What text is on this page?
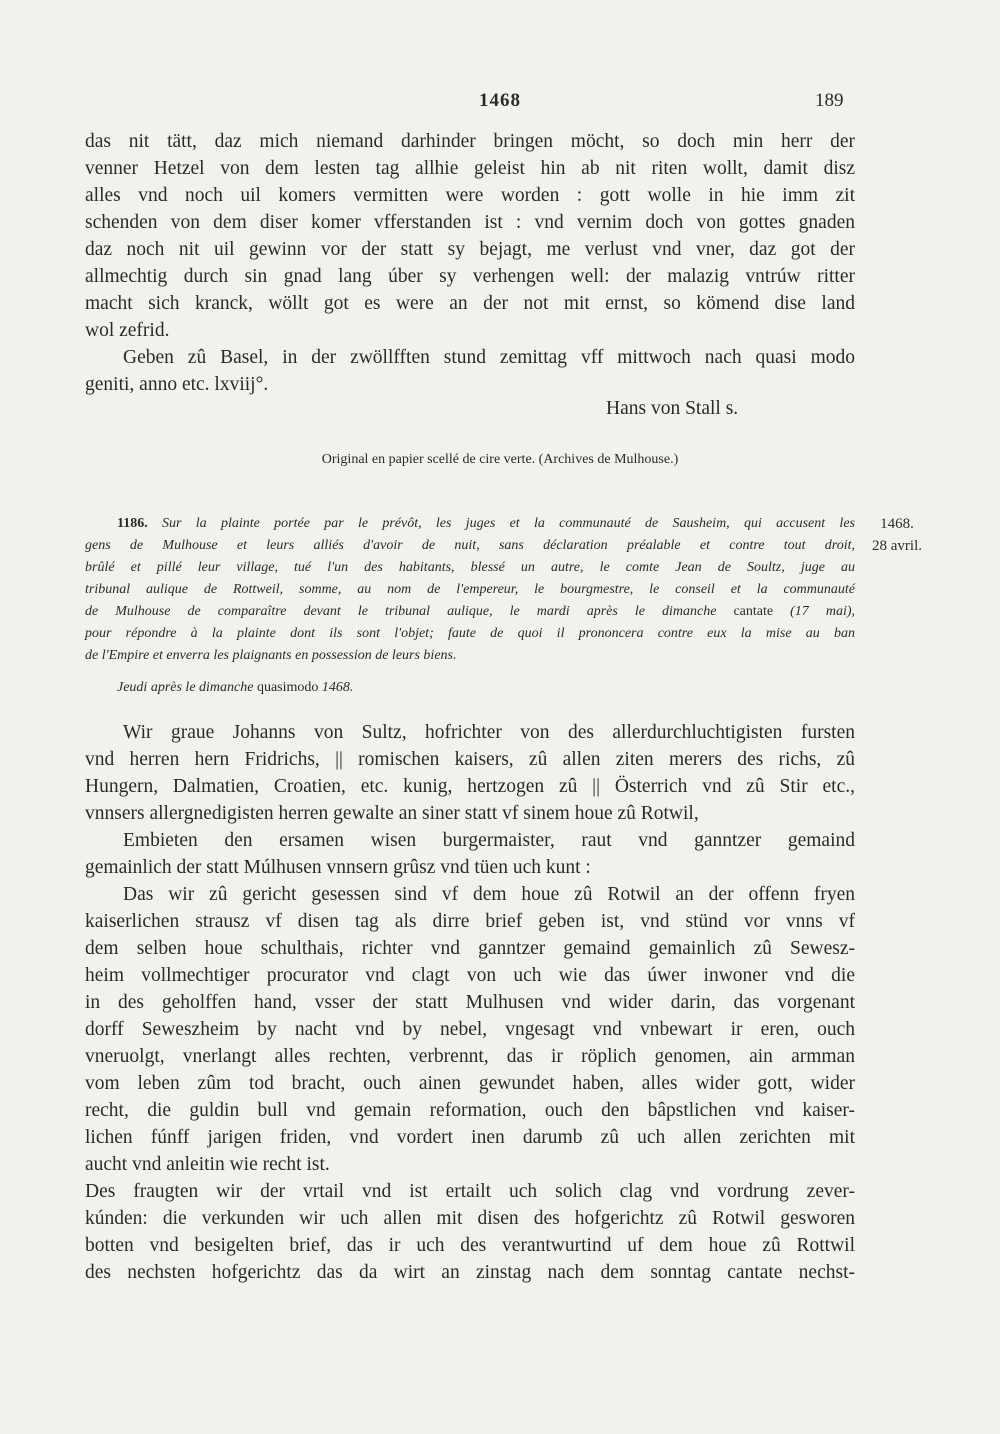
1468	189
das nit tätt, daz mich niemand darhinder bringen möcht, so doch min herr der
venner Hetzel von dem lesten tag allhie geleist hin ab nit riten wollt, damit disz
alles vnd noch uil komers vermitten were worden : gott wolle in hie imm zit
schenden von dem diser komer vfferstanden ist : vnd vernim doch von gottes gnaden
daz noch nit uil gewinn vor der statt sy bejagt, me verlust vnd vner, daz got der
allmechtig durch sin gnad lang úber sy verhengen well: der malazig vntrúw ritter
macht sich kranck, wöllt got es were an der not mit ernst, so kömend dise land
wol zefrid.
Geben zû Basel, in der zwöllfften stund zemittag vff mittwoch nach quasi modo
geniti, anno etc. lxviij°.
Hans von Stall s.
Original en papier scellé de cire verte. (Archives de Mulhouse.)
1186. Sur la plainte portée par le prévôt, les juges et la communauté de Sausheim, qui accusent les
gens de Mulhouse et leurs alliés d'avoir de nuit, sans déclaration préalable et contre tout droit,
brûlé et pillé leur village, tué l'un des habitants, blessé un autre, le comte Jean de Soultz, juge au
tribunal aulique de Rottweil, somme, au nom de l'empereur, le bourgmestre, le conseil et la communauté
de Mulhouse de comparaître devant le tribunal aulique, le mardi après le dimanche cantate (17 mai),
pour répondre à la plainte dont ils sont l'objet; faute de quoi il prononcera contre eux la mise au ban
de l'Empire et enverra les plaignants en possession de leurs biens.
1468.
28 avril.
Jeudi après le dimanche quasimodo 1468.
Wir graue Johanns von Sultz, hofrichter von des allerdurchluchtigisten fursten
vnd herren hern Fridrichs, || romischen kaisers, zû allen ziten merers des richs, zû
Hungern, Dalmatien, Croatien, etc. kunig, hertzogen zû || Österrich vnd zû Stir etc.,
vnnsers allergnedigisten herren gewalte an siner statt vf sinem houe zû Rotwil,
Embieten den ersamen wisen burgermaister, raut vnd ganntzer gemaind
gemainlich der statt Múlhusen vnnsern grûsz vnd tüen uch kunt :
Das wir zû gericht gesessen sind vf dem houe zû Rotwil an der offenn fryen
kaiserlichen strausz vf disen tag als dirre brief geben ist, vnd stünd vor vnns vf
dem selben houe schulthais, richter vnd ganntzer gemaind gemainlich zû Sewesz-
heim vollmechtiger procurator vnd clagt von uch wie das úwer inwoner vnd die
in des geholffen hand, vsser der statt Mulhusen vnd wider darin, das vorgenant
dorff Seweszheim by nacht vnd by nebel, vngesagt vnd vnbewart ir eren, ouch
vneruolgt, vnerlangt alles rechten, verbrennt, das ir röplich genomen, ain armman
vom leben zûm tod bracht, ouch ainen gewundet haben, alles wider gott, wider
recht, die guldin bull vnd gemain reformation, ouch den bâpstlichen vnd kaiser-
lichen fúnff jarigen friden, vnd vordert inen darumb zû uch allen zerichten mit
aucht vnd anleitin wie recht ist.
Des fraugten wir der vrtail vnd ist ertailt uch solich clag vnd vordrung zever-
kúnden: die verkunden wir uch allen mit disen des hofgerichtz zû Rotwil gesworen
botten vnd besigelten brief, das ir uch des verantwurtind uf dem houe zû Rottwil
des nechsten hofgerichtz das da wirt an zinstag nach dem sonntag cantate nechst-
